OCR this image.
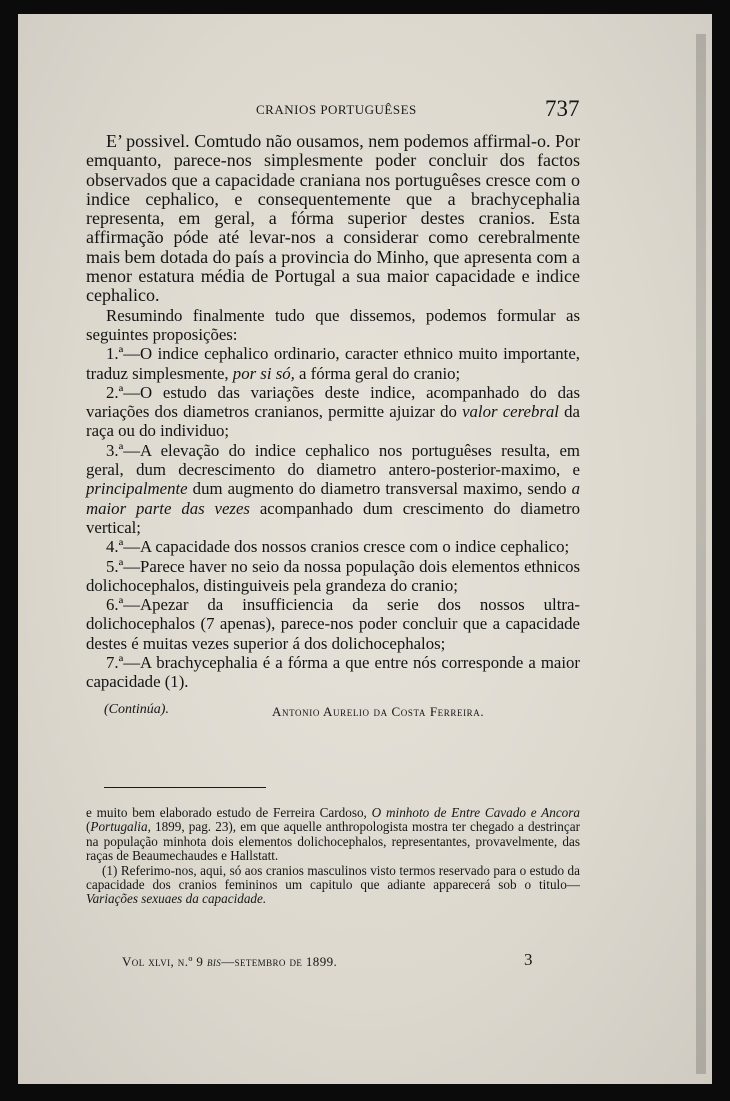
CRANIOS PORTUGUÊSES	737

E’ possivel. Comtudo não ousamos, nem podemos affirmal-o. Por emquanto, parece-nos simplesmente poder concluir dos factos observados que a capacidade craniana nos portuguêses cresce com o indice cephalico, e consequentemente que a brachycephalia representa, em geral, a fórma superior destes cranios. Esta affirmação póde até levar-nos a considerar como cerebralmente mais bem dotada do país a provincia do Minho, que apresenta com a menor estatura média de Portugal a sua maior capacidade e indice cephalico.

Resumindo finalmente tudo que dissemos, podemos formular as seguintes proposições:

1.ª—O indice cephalico ordinario, caracter ethnico muito importante, traduz simplesmente, por si só, a fórma geral do cranio;

2.ª—O estudo das variações deste indice, acompanhado do das variações dos diametros cranianos, permitte ajuizar do valor cerebral da raça ou do individuo;

3.ª—A elevação do indice cephalico nos portuguêses resulta, em geral, dum decrescimento do diametro antero-posterior-maximo, e principalmente dum augmento do diametro transversal maximo, sendo a maior parte das vezes acompanhado dum crescimento do diametro vertical;

4.ª—A capacidade dos nossos cranios cresce com o indice cephalico;

5.ª—Parece haver no seio da nossa população dois elementos ethnicos dolichocephalos, distinguiveis pela grandeza do cranio;

6.ª—Apezar da insufficiencia da serie dos nossos ultra-dolichocephalos (7 apenas), parece-nos poder concluir que a capacidade destes é muitas vezes superior á dos dolichocephalos;

7.ª—A brachycephalia é a fórma a que entre nós corresponde a maior capacidade (1).

(Continúa).	Antonio Aurelio da Costa Ferreira.

e muito bem elaborado estudo de Ferreira Cardoso, O minhoto de Entre Cavado e Ancora (Portugalia, 1899, pag. 23), em que aquelle anthropologista mostra ter chegado a destrinçar na população minhota dois elementos dolichocephalos, representantes, provavelmente, das raças de Beaumechaudes e Hallstatt.

(1) Referimo-nos, aqui, só aos cranios masculinos visto termos reservado para o estudo da capacidade dos cranios femininos um capitulo que adiante apparecerá sob o titulo—Variações sexuaes da capacidade.

Vol xlvi, n.º 9 bis—setembro de 1899.	3
